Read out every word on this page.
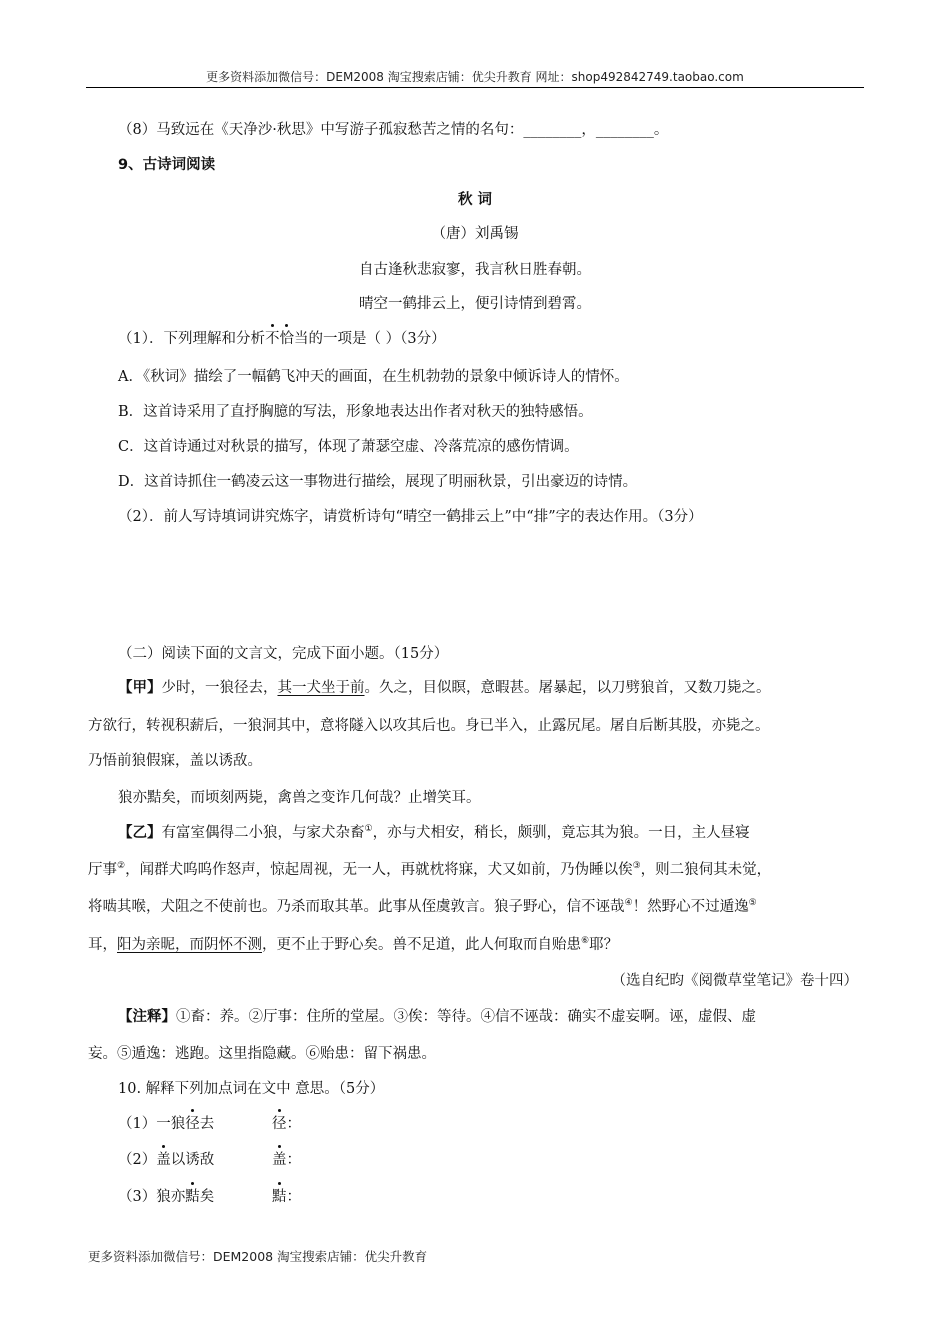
更多资料添加微信号：DEM2008 淘宝搜索店铺：优尖升教育 网址：shop492842749.taobao.com
（8）马致远在《天净沙·秋思》中写游子孤寂愁苦之情的名句：________，________。
9、古诗词阅读
秋 词
（唐）刘禹锡
自古逢秋悲寂寥，我言秋日胜春朝。
晴空一鹤排云上，便引诗情到碧霄。
（1）．下列理解和分析不恰当的一项是（ ）（3分）
A．《秋词》描绘了一幅鹤飞冲天的画面，在生机勃勃的景象中倾诉诗人的情怀。
B．这首诗采用了直抒胸臆的写法，形象地表达出作者对秋天的独特感悟。
C．这首诗通过对秋景的描写，体现了萧瑟空虚、冷落荒凉的感伤情调。
D．这首诗抓住一鹤凌云这一事物进行描绘，展现了明丽秋景，引出豪迈的诗情。
（2）．前人写诗填词讲究炼字，请赏析诗句“晴空一鹤排云上”中“排”字的表达作用。（3分）
（二）阅读下面的文言文，完成下面小题。（15分）
【甲】少时，一狼径去，其一犬坐于前。久之，目似瞑，意暇甚。屠暴起，以刀劈狼首，又数刀毙之。
方欲行，转视积薪后，一狼洞其中，意将隧入以攻其后也。身已半入，止露尻尾。屠自后断其股，亦毙之。
乃悟前狼假寐，盖以诱敌。
狼亦黠矣，而顷刻两毙，禽兽之变诈几何哉？止增笑耳。
【乙】有富室偶得二小狼，与家犬杂畜①，亦与犬相安，稍长，颇驯，竟忘其为狼。一日，主人昼寝
厅事②，闻群犬呜呜作怒声，惊起周视，无一人，再就枕将寐，犬又如前，乃伪睡以俟③，则二狼伺其未觉，
将啮其喉，犬阻之不使前也。乃杀而取其革。此事从侄虞敦言。狼子野心，信不诬哉④！然野心不过遁逸⑤
耳，阳为亲昵，而阴怀不测，更不止于野心矣。兽不足道，此人何取而自贻患⑥耶？
（选自纪昀《阅微草堂笔记》卷十四）
【注释】①畜：养。②厅事：住所的堂屋。③俟：等待。④信不诬哉：确实不虚妄啊。诬，虚假、虚
妄。⑤遁逸：逃跑。这里指隐藏。⑥贻患：留下祸患。
10. 解释下列加点词在文中 意思。（5分）
（1）一狼径去	径：
（2）盖以诱敌	盖：
（3）狼亦黠矣	黠：
更多资料添加微信号：DEM2008 淘宝搜索店铺：优尖升教育
